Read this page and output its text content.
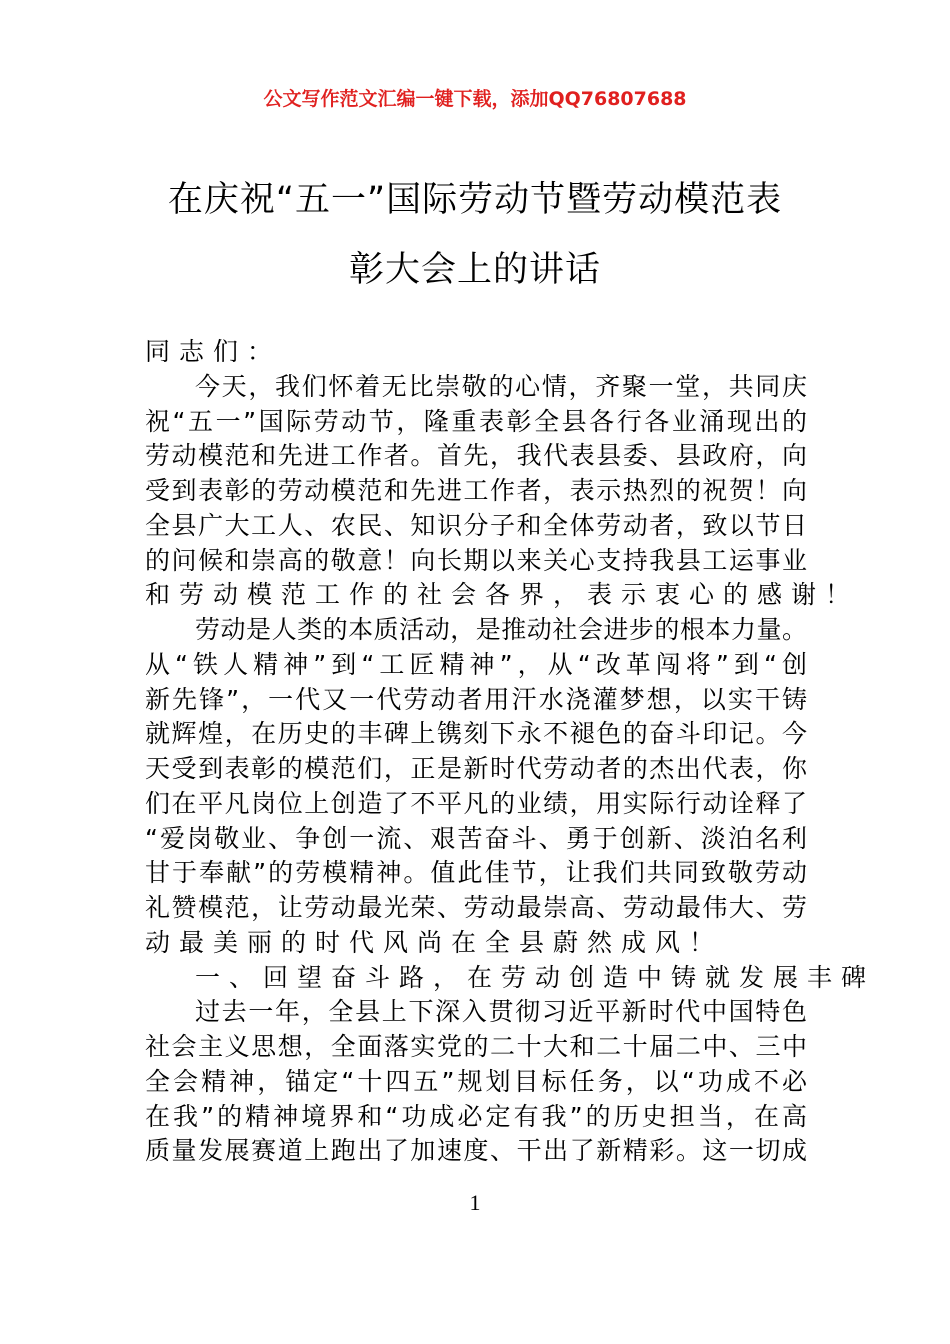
公文写作范文汇编一键下载，添加QQ76807688
在庆祝“五一”国际劳动节暨劳动模范表
彰大会上的讲话
同志们：
今天，我们怀着无比崇敬的心情，齐聚一堂，共同庆
祝“五一”国际劳动节，隆重表彰全县各行各业涌现出的
劳动模范和先进工作者。首先，我代表县委、县政府，向
受到表彰的劳动模范和先进工作者，表示热烈的祝贺！向
全县广大工人、农民、知识分子和全体劳动者，致以节日
的问候和崇高的敬意！向长期以来关心支持我县工运事业
和劳动模范工作的社会各界，表示衷心的感谢！
劳动是人类的本质活动，是推动社会进步的根本力量。
从“铁人精神”到“工匠精神”，从“改革闯将”到“创
新先锋”，一代又一代劳动者用汗水浇灌梦想，以实干铸
就辉煌，在历史的丰碑上镌刻下永不褪色的奋斗印记。今
天受到表彰的模范们，正是新时代劳动者的杰出代表，你
们在平凡岗位上创造了不平凡的业绩，用实际行动诠释了
“爱岗敬业、争创一流、艰苦奋斗、勇于创新、淡泊名利
甘于奉献”的劳模精神。值此佳节，让我们共同致敬劳动
礼赞模范，让劳动最光荣、劳动最崇高、劳动最伟大、劳
动最美丽的时代风尚在全县蔚然成风！
一、回望奋斗路，在劳动创造中铸就发展丰碑
过去一年，全县上下深入贯彻习近平新时代中国特色
社会主义思想，全面落实党的二十大和二十届二中、三中
全会精神，锚定“十四五”规划目标任务，以“功成不必
在我”的精神境界和“功成必定有我”的历史担当，在高
质量发展赛道上跑出了加速度、干出了新精彩。这一切成
1
